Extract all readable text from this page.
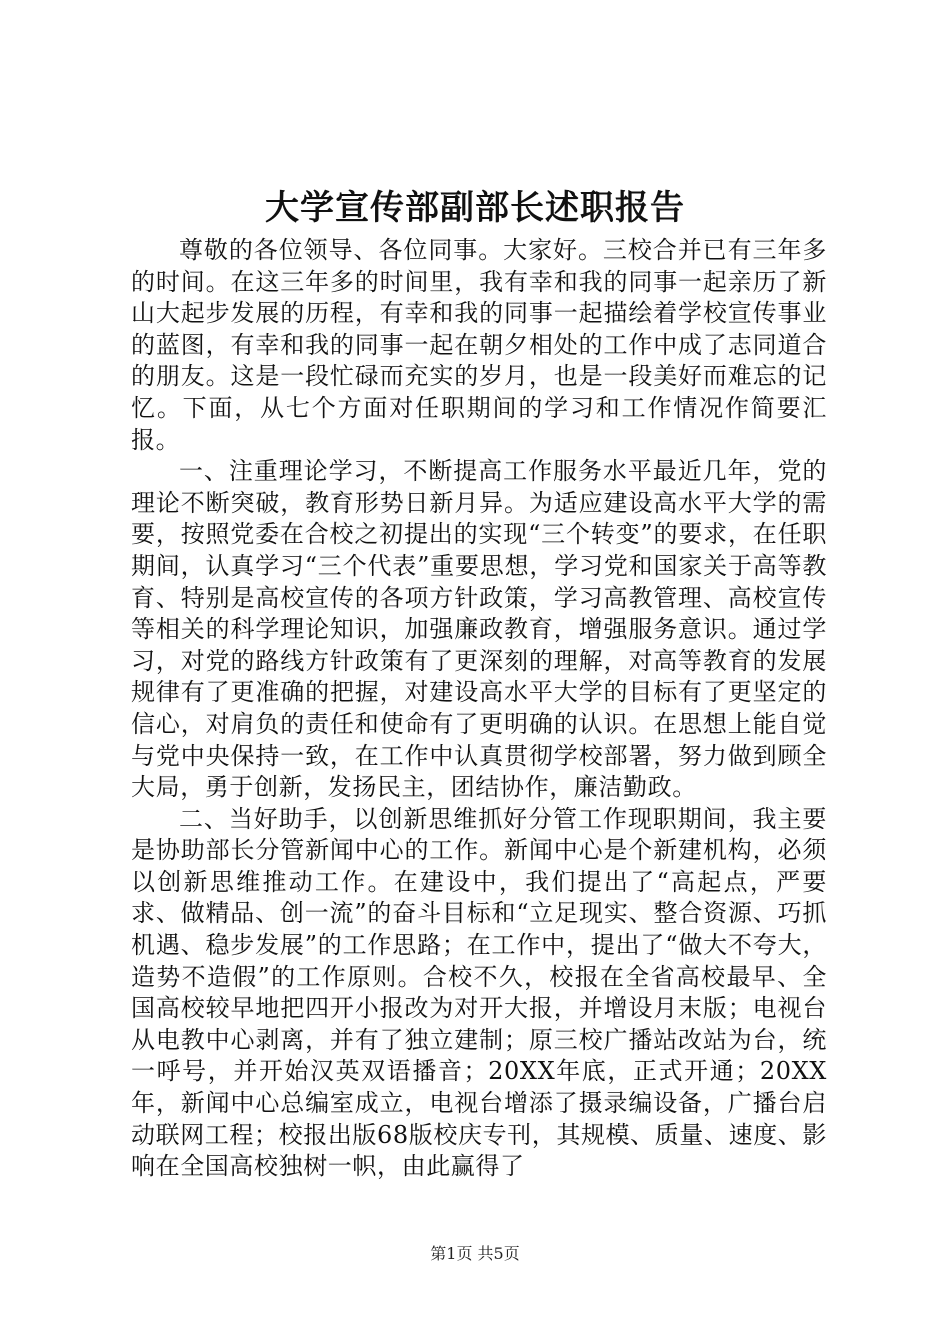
大学宣传部副部长述职报告

尊敬的各位领导、各位同事。大家好。三校合并已有三年多的时间。在这三年多的时间里，我有幸和我的同事一起亲历了新山大起步发展的历程，有幸和我的同事一起描绘着学校宣传事业的蓝图，有幸和我的同事一起在朝夕相处的工作中成了志同道合的朋友。这是一段忙碌而充实的岁月，也是一段美好而难忘的记忆。下面，从七个方面对任职期间的学习和工作情况作简要汇报。

一、注重理论学习，不断提高工作服务水平最近几年，党的理论不断突破，教育形势日新月异。为适应建设高水平大学的需要，按照党委在合校之初提出的实现“三个转变”的要求，在任职期间，认真学习“三个代表”重要思想，学习党和国家关于高等教育、特别是高校宣传的各项方针政策，学习高教管理、高校宣传等相关的科学理论知识，加强廉政教育，增强服务意识。通过学习，对党的路线方针政策有了更深刻的理解，对高等教育的发展规律有了更准确的把握，对建设高水平大学的目标有了更坚定的信心，对肩负的责任和使命有了更明确的认识。在思想上能自觉与党中央保持一致，在工作中认真贯彻学校部署，努力做到顾全大局，勇于创新，发扬民主，团结协作，廉洁勤政。

二、当好助手，以创新思维抓好分管工作现职期间，我主要是协助部长分管新闻中心的工作。新闻中心是个新建机构，必须以创新思维推动工作。在建设中，我们提出了“高起点，严要求、做精品、创一流”的奋斗目标和“立足现实、整合资源、巧抓机遇、稳步发展”的工作思路；在工作中，提出了“做大不夸大，造势不造假”的工作原则。合校不久，校报在全省高校最早、全国高校较早地把四开小报改为对开大报，并增设月末版；电视台从电教中心剥离，并有了独立建制；原三校广播站改站为台，统一呼号，并开始汉英双语播音；20XX年底，正式开通；20XX年，新闻中心总编室成立，电视台增添了摄录编设备，广播台启动联网工程；校报出版68版校庆专刊，其规模、质量、速度、影响在全国高校独树一帜，由此赢得了

第1页 共5页
